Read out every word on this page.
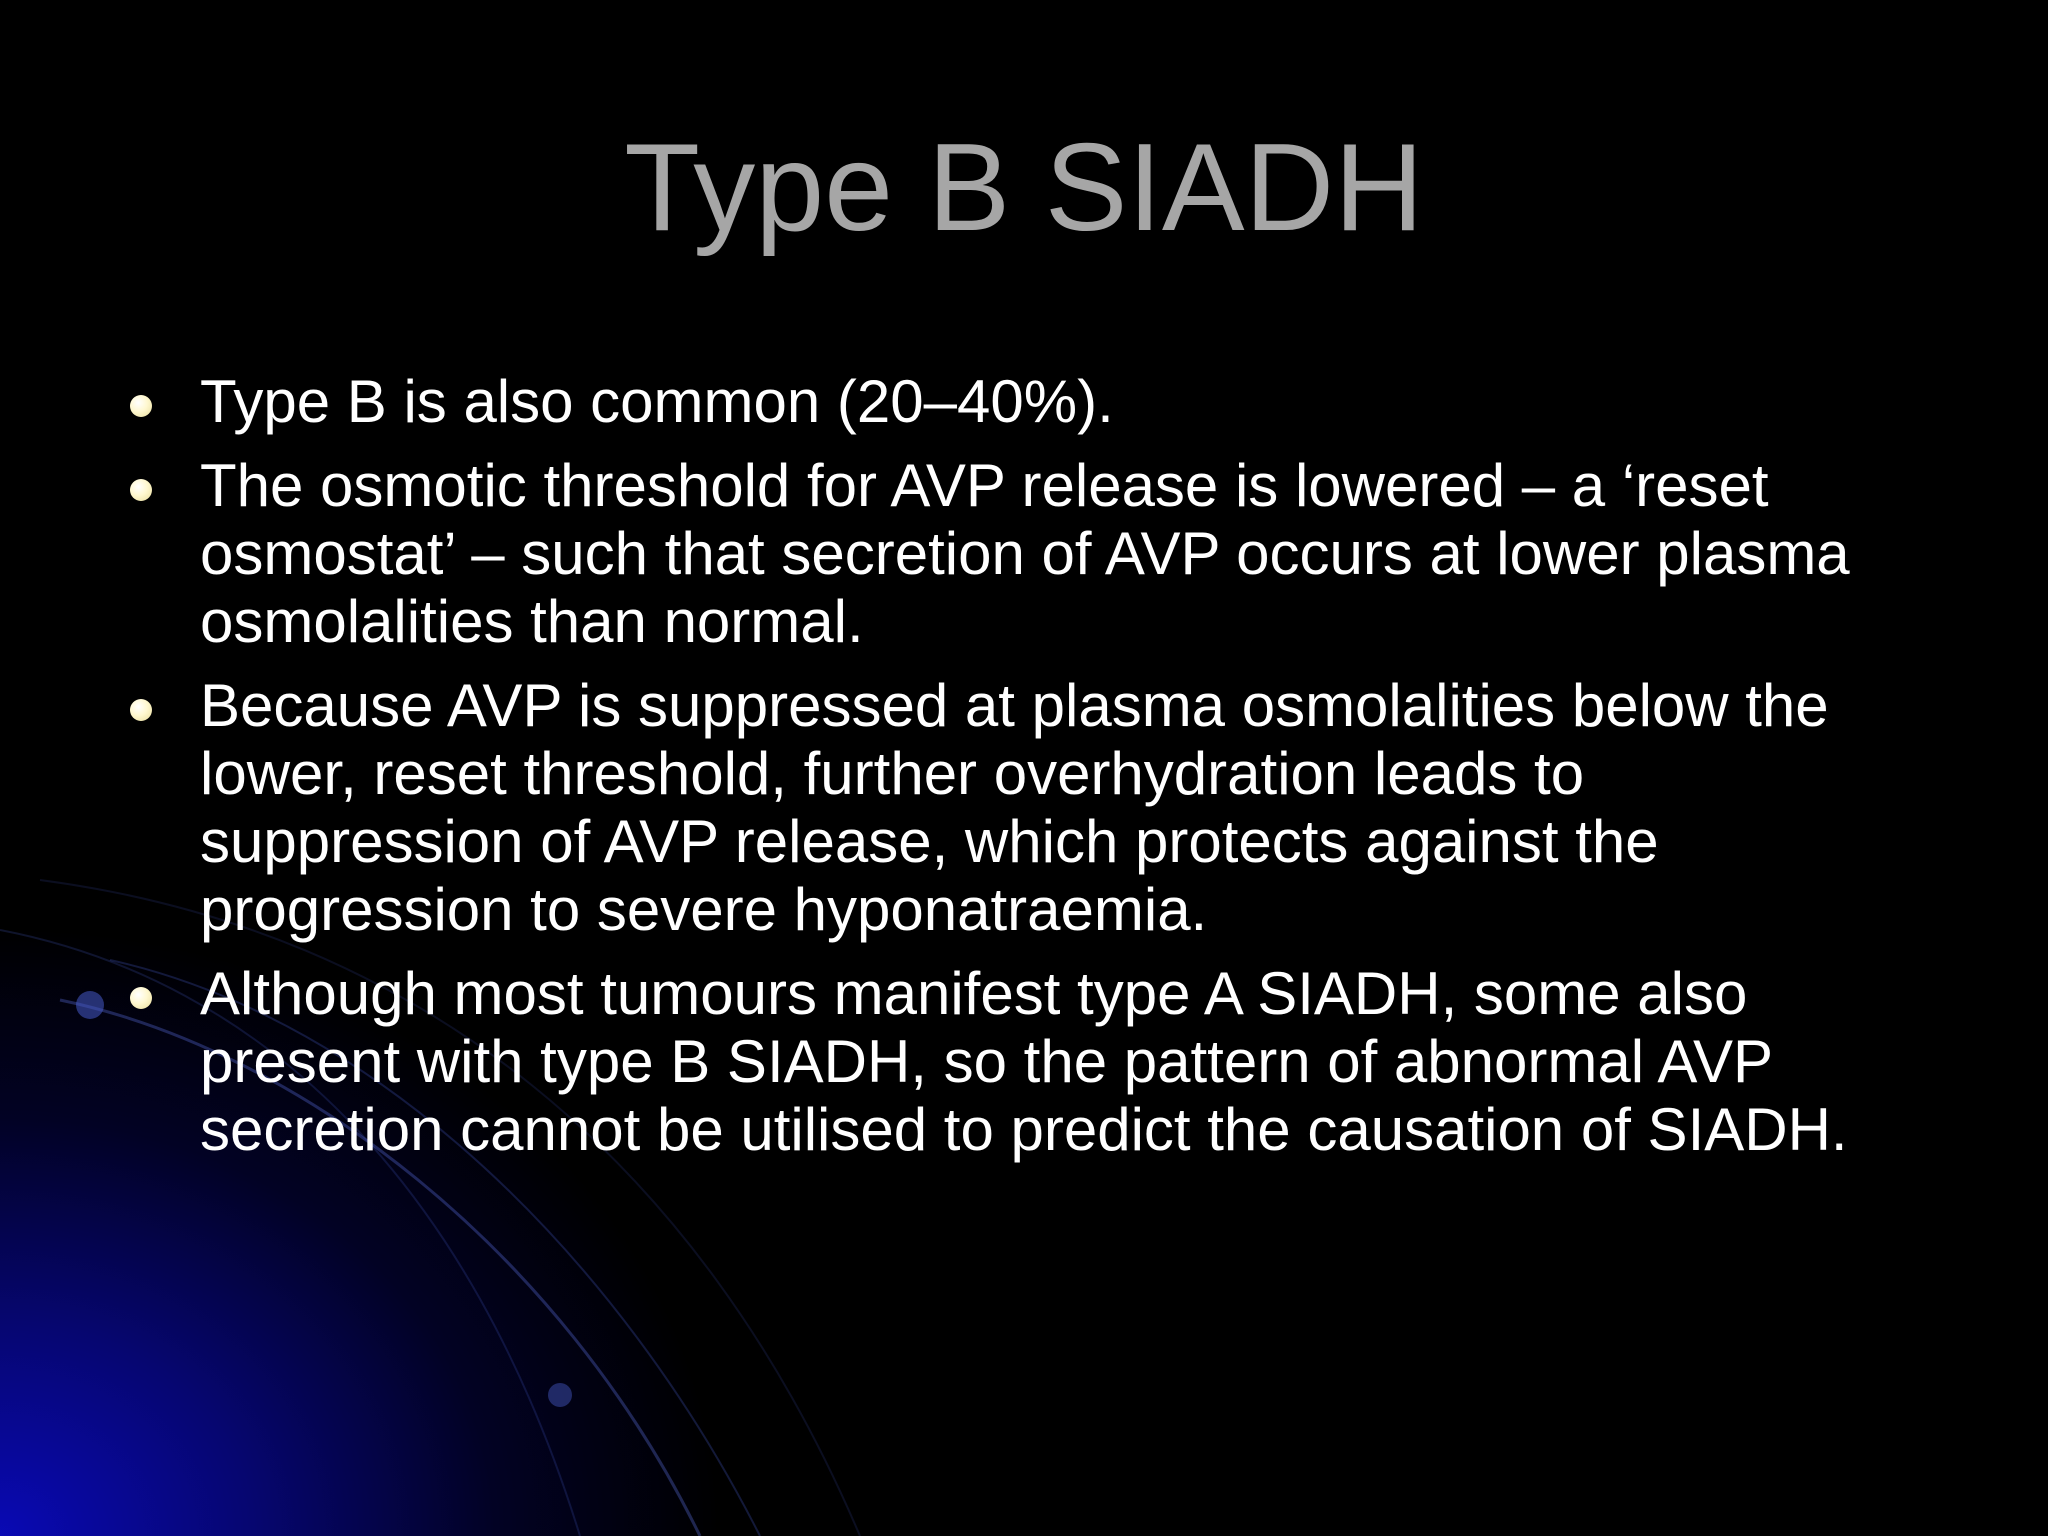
Type B SIADH
Type B is also common (20–40%).
The osmotic threshold for AVP release is lowered – a ‘reset osmostat’ – such that secretion of AVP occurs at lower plasma osmolalities than normal.
Because AVP is suppressed at plasma osmolalities below the lower, reset threshold, further overhydration leads to suppression of AVP release, which protects against the progression to severe hyponatraemia.
Although most tumours manifest type A SIADH, some also present with type B SIADH, so the pattern of abnormal AVP secretion cannot be utilised to predict the causation of SIADH.
